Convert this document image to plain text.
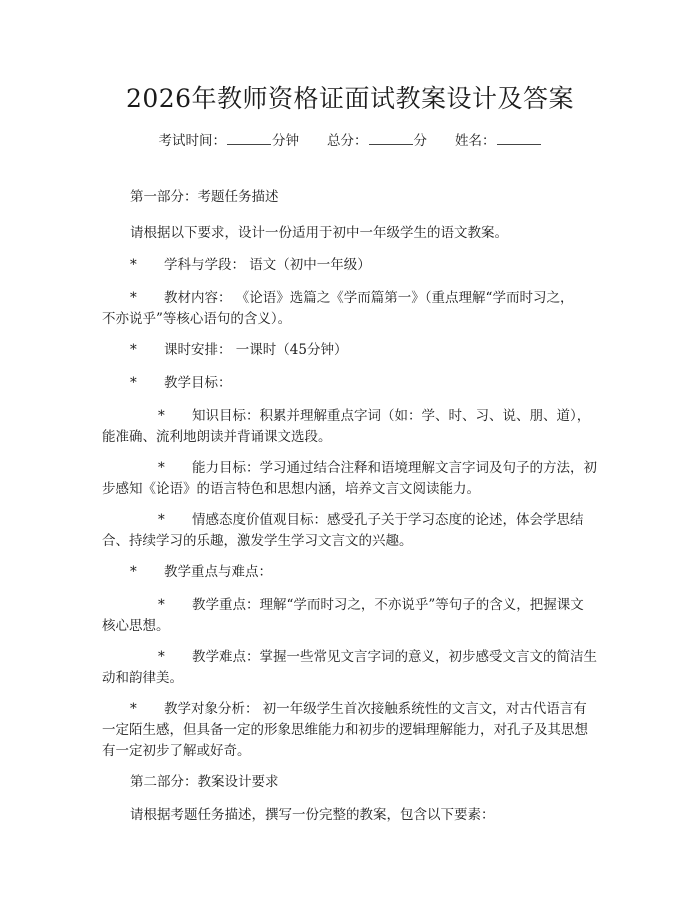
2026年教师资格证面试教案设计及答案
考试时间：	分钟 总分：	分 姓名：
第一部分：考题任务描述
请根据以下要求，设计一份适用于初中一年级学生的语文教案。
* 学科与学段： 语文（初中一年级）
* 教材内容： 《论语》选篇之《学而篇第一》（重点理解“学而时习之，
不亦说乎”等核心语句的含义）。
* 课时安排： 一课时（45分钟）
* 教学目标：
* 知识目标：积累并理解重点字词（如：学、时、习、说、朋、道），
能准确、流利地朗读并背诵课文选段。
* 能力目标：学习通过结合注释和语境理解文言字词及句子的方法，初
步感知《论语》的语言特色和思想内涵，培养文言文阅读能力。
* 情感态度价值观目标：感受孔子关于学习态度的论述，体会学思结
合、持续学习的乐趣，激发学生学习文言文的兴趣。
* 教学重点与难点：
* 教学重点：理解“学而时习之，不亦说乎”等句子的含义，把握课文
核心思想。
* 教学难点：掌握一些常见文言字词的意义，初步感受文言文的简洁生
动和韵律美。
* 教学对象分析： 初一年级学生首次接触系统性的文言文，对古代语言有
一定陌生感，但具备一定的形象思维能力和初步的逻辑理解能力，对孔子及其思想
有一定初步了解或好奇。
第二部分：教案设计要求
请根据考题任务描述，撰写一份完整的教案，包含以下要素：
